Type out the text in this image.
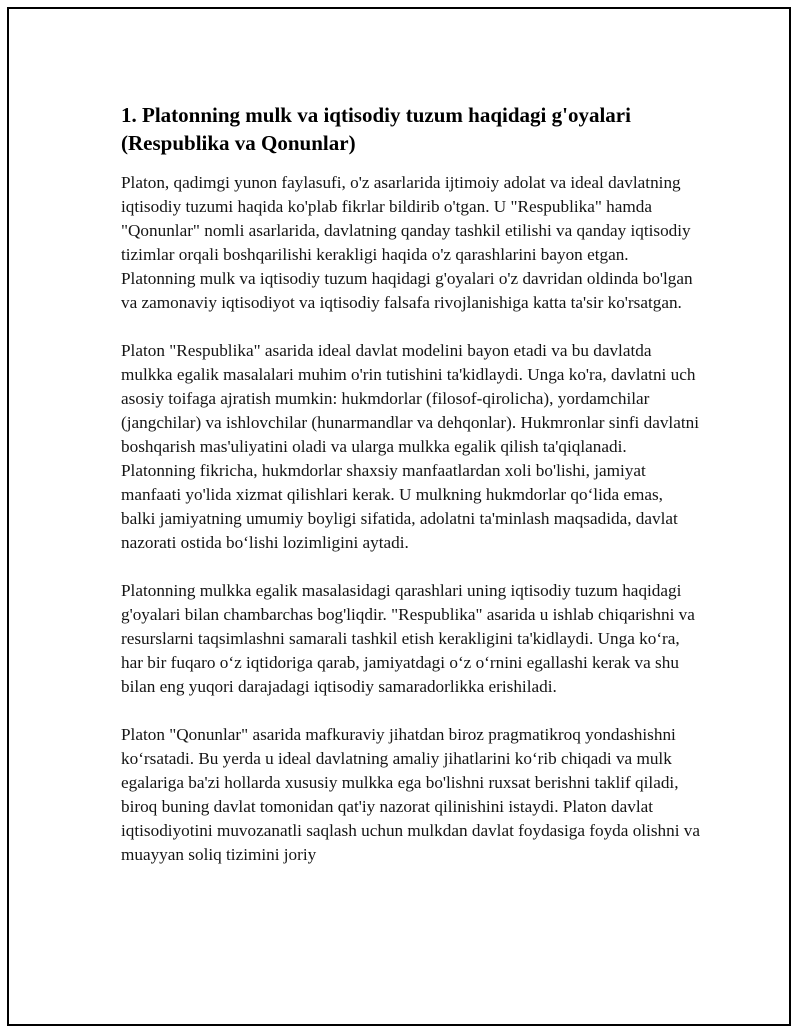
1. Platonning mulk va iqtisodiy tuzum haqidagi g'oyalari (Respublika va Qonunlar)

Platon, qadimgi yunon faylasufi, o'z asarlarida ijtimoiy adolat va ideal davlatning iqtisodiy tuzumi haqida ko'plab fikrlar bildirib o'tgan. U "Respublika" hamda "Qonunlar" nomli asarlarida, davlatning qanday tashkil etilishi va qanday iqtisodiy tizimlar orqali boshqarilishi kerakligi haqida o'z qarashlarini bayon etgan. Platonning mulk va iqtisodiy tuzum haqidagi g'oyalari o'z davridan oldinda bo'lgan va zamonaviy iqtisodiyot va iqtisodiy falsafa rivojlanishiga katta ta'sir ko'rsatgan.

Platon "Respublika" asarida ideal davlat modelini bayon etadi va bu davlatda mulkka egalik masalalari muhim o'rin tutishini ta'kidlaydi. Unga ko'ra, davlatni uch asosiy toifaga ajratish mumkin: hukmdorlar (filosof-qirolicha), yordamchilar (jangchilar) va ishlovchilar (hunarmandlar va dehqonlar). Hukmronlar sinfi davlatni boshqarish mas'uliyatini oladi va ularga mulkka egalik qilish ta'qiqlanadi. Platonning fikricha, hukmdorlar shaxsiy manfaatlardan xoli bo'lishi, jamiyat manfaati yo'lida xizmat qilishlari kerak. U mulkning hukmdorlar qo‘lida emas, balki jamiyatning umumiy boyligi sifatida, adolatni ta'minlash maqsadida, davlat nazorati ostida bo‘lishi lozimligini aytadi.

Platonning mulkka egalik masalasidagi qarashlari uning iqtisodiy tuzum haqidagi g'oyalari bilan chambarchas bog'liqdir. "Respublika" asarida u ishlab chiqarishni va resurslarni taqsimlashni samarali tashkil etish kerakligini ta'kidlaydi. Unga ko‘ra, har bir fuqaro o‘z iqtidoriga qarab, jamiyatdagi o‘z o‘rnini egallashi kerak va shu bilan eng yuqori darajadagi iqtisodiy samaradorlikka erishiladi.

Platon "Qonunlar" asarida mafkuraviy jihatdan biroz pragmatikroq yondashishni ko‘rsatadi. Bu yerda u ideal davlatning amaliy jihatlarini ko‘rib chiqadi va mulk egalariga ba'zi hollarda xususiy mulkka ega bo'lishni ruxsat berishni taklif qiladi, biroq buning davlat tomonidan qat'iy nazorat qilinishini istaydi. Platon davlat iqtisodiyotini muvozanatli saqlash uchun mulkdan davlat foydasiga foyda olishni va muayyan soliq tizimini joriy
